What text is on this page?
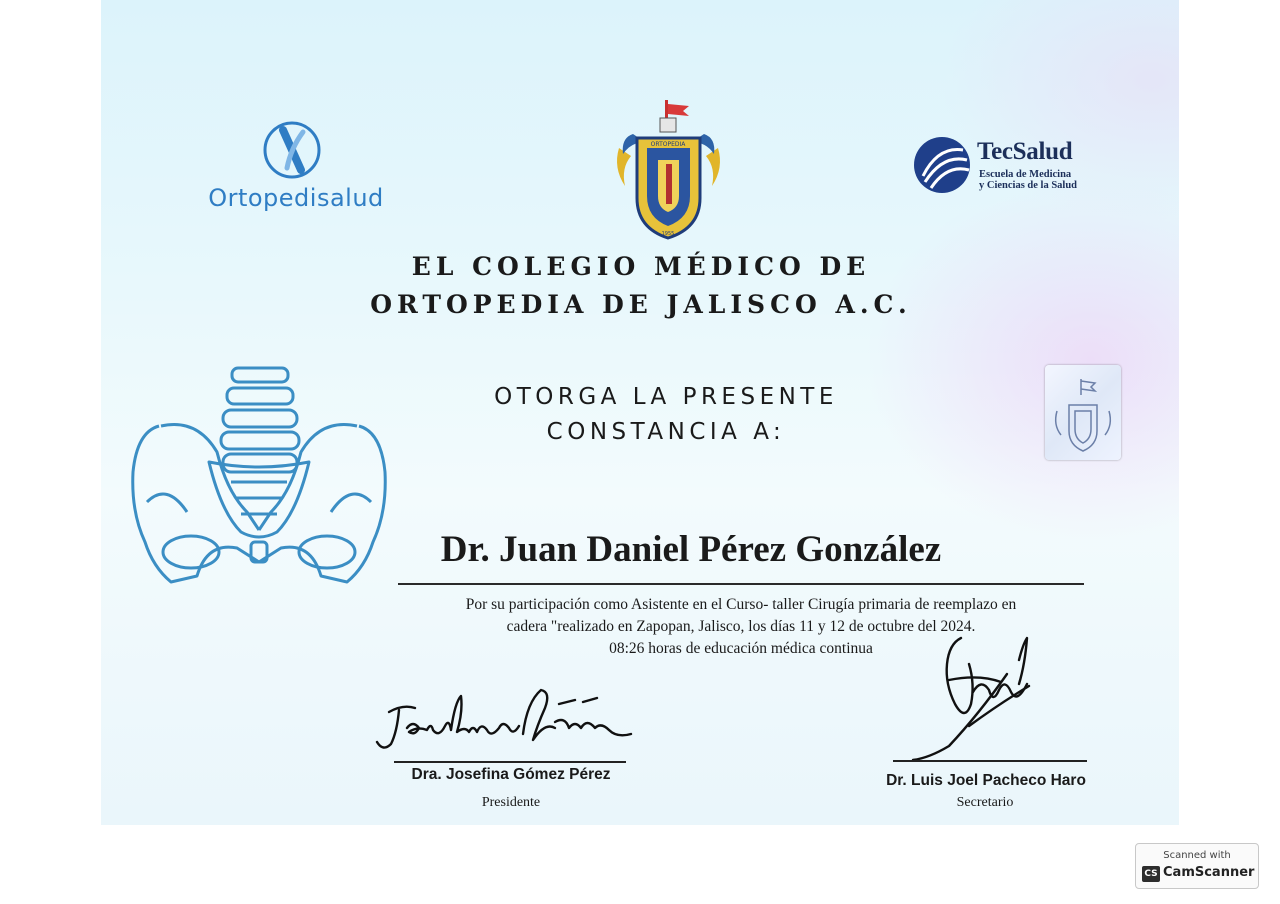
Ortopedisalud
ORTOPEDIA
1955
TecSalud
Escuela de Medicina
y Ciencias de la Salud
EL COLEGIO MÉDICO DE
ORTOPEDIA DE JALISCO A.C.
OTORGA LA PRESENTE
CONSTANCIA A:
Dr. Juan Daniel Pérez González
Por su participación como Asistente en el Curso- taller Cirugía primaria de reemplazo en
cadera "realizado en Zapopan, Jalisco, los días 11 y 12 de octubre del 2024.
08:26 horas de educación médica continua
Dra. Josefina Gómez Pérez
Presidente
Dr. Luis Joel Pacheco Haro
Secretario
Scanned with
CS CamScanner
